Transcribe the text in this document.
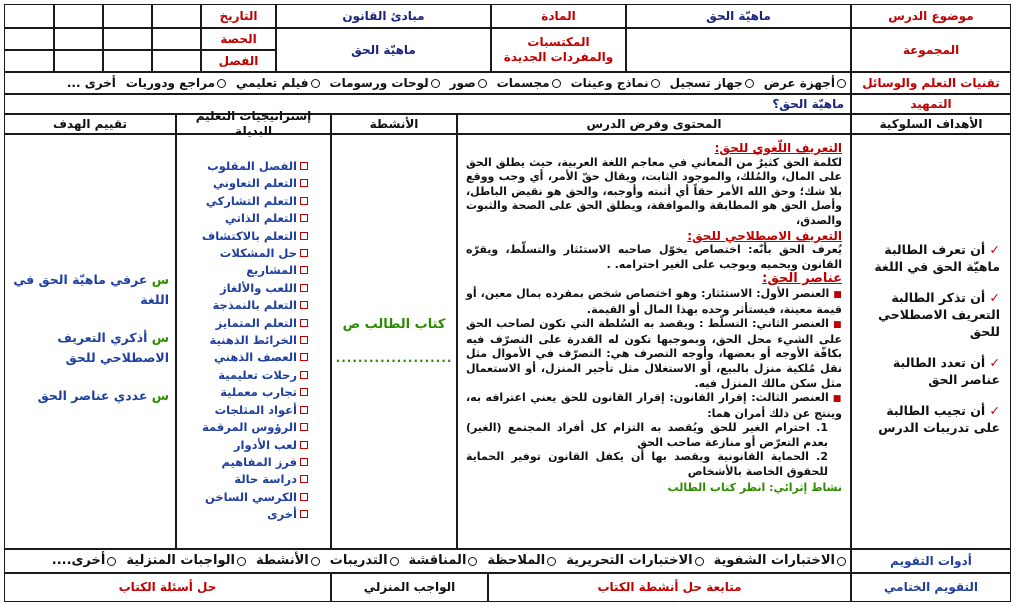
موضوع الدرس
ماهيّة الحق
المادة
مبادئ القانون
التاريخ
المجموعة
المكتسبات والمفردات الجديدة
ماهيّة الحق
الحصة
الفصل
تقنيات التعلم والوسائل
أجهزة عرض
جهاز تسجيل
نماذج وعينات
مجسمات
صور
لوحات ورسومات
فيلم تعليمي
مراجع ودوريات
أخرى ...
التمهيد
ماهيّة الحق؟
الأهداف السلوكية
المحتوى وفرض الدرس
الأنشطة
إستراتيجيات التعليم البديلة
تقييم الهدف
✓ أن تعرف الطالبة ماهيّة الحق في اللغة
✓ أن تذكر الطالبة التعريف الاصطلاحي للحق
✓ أن تعدد الطالبة عناصر الحق
✓ أن تجيب الطالبة على تدريبات الدرس
التعريف اللّغوي للحق:

لكلمة الحق كثيرٌ من المعاني في معاجم اللغة العربية، حيث يطلق الحق على المال، والمُلك، والموجود الثابت، ويقال حقّ الأمر، أي وجب ووقع بلا شك؛ وحق الله الأمر حقاً أي أثبته وأوجبه، والحق هو نقيض الباطل، وأصل الحق هو المطابقة والموافقة، ويطلق الحق على الصحة والثبوت والصدق،

التعريف الاصطلاحي للحق:

يُعرف الحق بأنّه: اختصاص يخوّل صاحبه الاستئثار والتسلّط، ويقرّه القانون ويحميه ويوجب على الغير احترامه. .

عناصر الحق:

■العنصر الأول: الاستئثار: وهو اختصاص شخص بمفرده بمال معين، أو قيمة معينة، فيستأثر وحده بهذا المال أو القيمة.

■العنصر الثاني: التسلّط : ويقصد به السُلطة التي تكون لصاحب الحق على الشيء محل الحق، وبموجبها تكون له القدرة على التصرّف فيه بكافّة الأوجه أو بعضها، وأوجه التصرف هي: التصرّف في الأموال مثل نقل مُلكية منزل بالبيع، أو الاستغلال مثل تأجير المنزل، أو الاستعمال مثل سكن مالك المنزل فيه.

■العنصر الثالث: إقرار القانون: إقرار القانون للحق يعني اعترافه به، وينتج عن ذلك أمران هما:

1. احترام الغير للحق ويُقصد به التزام كل أفراد المجتمع (الغير) بعدم التعرّض أو منازعة صاحب الحق

2. الحماية القانونية ويقصد بها أن يكفل القانون توفير الحماية للحقوق الخاصة بالأشخاص

نشاط إثرائي: انظر كتاب الطالب

كتاب الطالب ص
.....................
الفصل المقلوب
التعلم التعاوني
التعلم التشاركي
التعلم الذاتي
التعلم بالاكتشاف
حل المشكلات
المشاريع
اللعب والألغاز
التعلم بالنمذجة
التعلم المتمايز
الخرائط الذهنية
العصف الذهني
رحلات تعليمية
تجارب معملية
أعواد المثلجات
الرؤوس المرقمة
لعب الأدوار
فرز المفاهيم
دراسة حالة
الكرسي الساخن
أخرى
س عرفي ماهيّة الحق في اللغة
س أذكري التعريف الاصطلاحي للحق
س عددي عناصر الحق
أدوات التقويم
الاختبارات الشفوية
الاختبارات التحريرية
الملاحظة
المناقشة
التدريبات
الأنشطة
الواجبات المنزلية
أخرى....
التقويم الختامي
متابعة حل أنشطة الكتاب
الواجب المنزلي
حل أسئلة الكتاب
